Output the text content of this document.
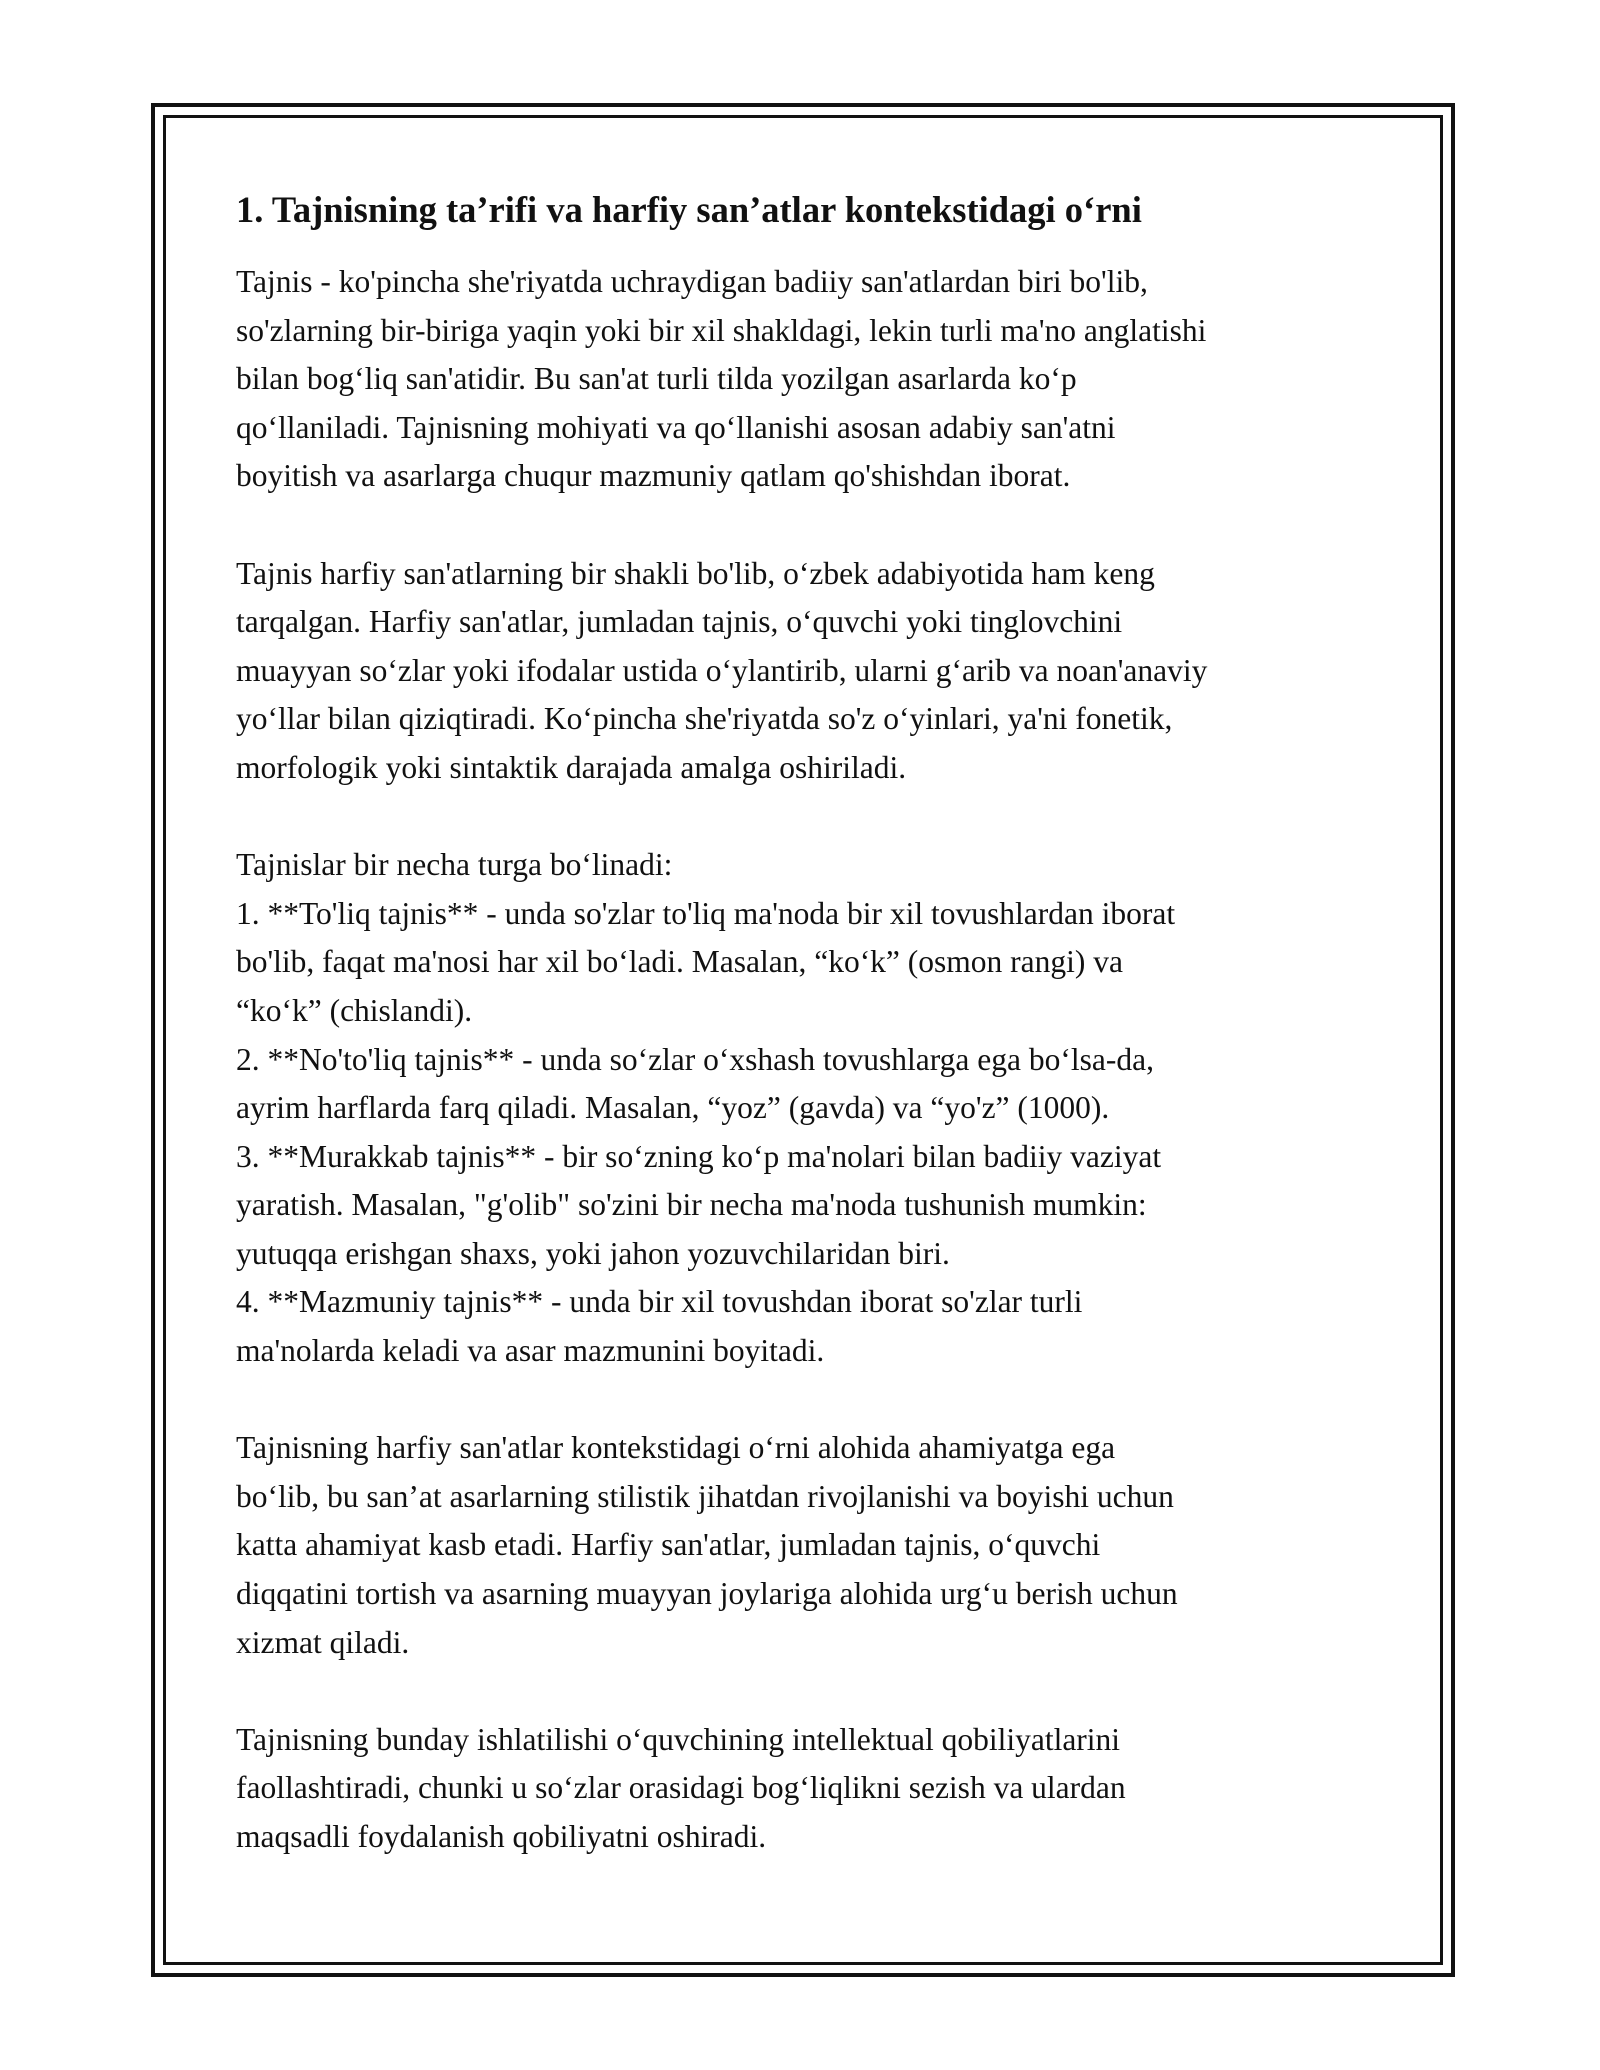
1. Tajnisning ta’rifi va harfiy san’atlar kontekstidagi o‘rni

Tajnis - ko'pincha she'riyatda uchraydigan badiiy san'atlardan biri bo'lib,
so'zlarning bir-biriga yaqin yoki bir xil shakldagi, lekin turli ma'no anglatishi
bilan bog‘liq san'atidir. Bu san'at turli tilda yozilgan asarlarda ko‘p
qo‘llaniladi. Tajnisning mohiyati va qo‘llanishi asosan adabiy san'atni
boyitish va asarlarga chuqur mazmuniy qatlam qo'shishdan iborat.

Tajnis harfiy san'atlarning bir shakli bo'lib, o‘zbek adabiyotida ham keng
tarqalgan. Harfiy san'atlar, jumladan tajnis, o‘quvchi yoki tinglovchini
muayyan so‘zlar yoki ifodalar ustida o‘ylantirib, ularni g‘arib va noan'anaviy
yo‘llar bilan qiziqtiradi. Ko‘pincha she'riyatda so'z o‘yinlari, ya'ni fonetik,
morfologik yoki sintaktik darajada amalga oshiriladi.

Tajnislar bir necha turga bo‘linadi:
1. **To'liq tajnis** - unda so'zlar to'liq ma'noda bir xil tovushlardan iborat
bo'lib, faqat ma'nosi har xil bo‘ladi. Masalan, “ko‘k” (osmon rangi) va
“ko‘k” (chislandi).
2. **No'to'liq tajnis** - unda so‘zlar o‘xshash tovushlarga ega bo‘lsa-da,
ayrim harflarda farq qiladi. Masalan, “yoz” (gavda) va “yo'z” (1000).
3. **Murakkab tajnis** - bir so‘zning ko‘p ma'nolari bilan badiiy vaziyat
yaratish. Masalan, "g'olib" so'zini bir necha ma'noda tushunish mumkin:
yutuqqa erishgan shaxs, yoki jahon yozuvchilaridan biri.
4. **Mazmuniy tajnis** - unda bir xil tovushdan iborat so'zlar turli
ma'nolarda keladi va asar mazmunini boyitadi.

Tajnisning harfiy san'atlar kontekstidagi o‘rni alohida ahamiyatga ega
bo‘lib, bu san’at asarlarning stilistik jihatdan rivojlanishi va boyishi uchun
katta ahamiyat kasb etadi. Harfiy san'atlar, jumladan tajnis, o‘quvchi
diqqatini tortish va asarning muayyan joylariga alohida urg‘u berish uchun
xizmat qiladi.

Tajnisning bunday ishlatilishi o‘quvchining intellektual qobiliyatlarini
faollashtiradi, chunki u so‘zlar orasidagi bog‘liqlikni sezish va ulardan
maqsadli foydalanish qobiliyatni oshiradi.
